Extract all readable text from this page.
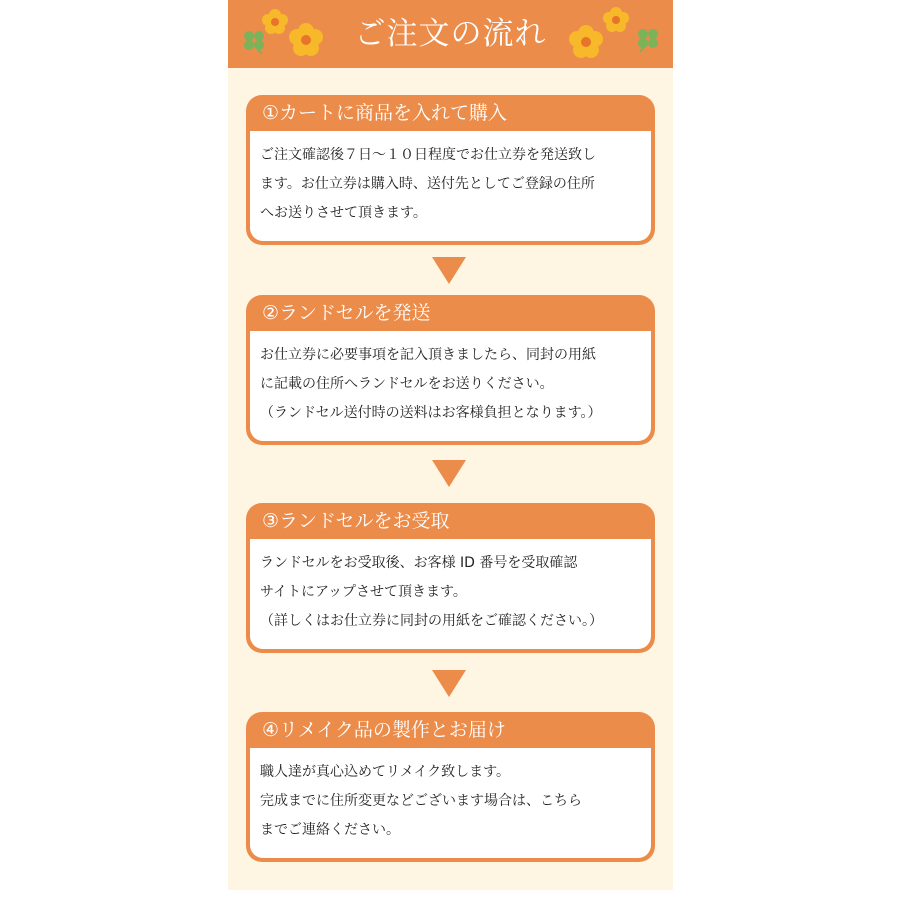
ご注文の流れ
①カートに商品を入れて購入
ご注文確認後７日〜１０日程度でお仕立券を発送致し
ます。お仕立券は購入時、送付先としてご登録の住所
へお送りさせて頂きます。
②ランドセルを発送
お仕立券に必要事項を記入頂きましたら、同封の用紙
に記載の住所へランドセルをお送りください。
（ランドセル送付時の送料はお客様負担となります。）
③ランドセルをお受取
ランドセルをお受取後、お客様 ID 番号を受取確認
サイトにアップさせて頂きます。
（詳しくはお仕立券に同封の用紙をご確認ください。）
④リメイク品の製作とお届け
職人達が真心込めてリメイク致します。
完成までに住所変更などございます場合は、こちら
までご連絡ください。
